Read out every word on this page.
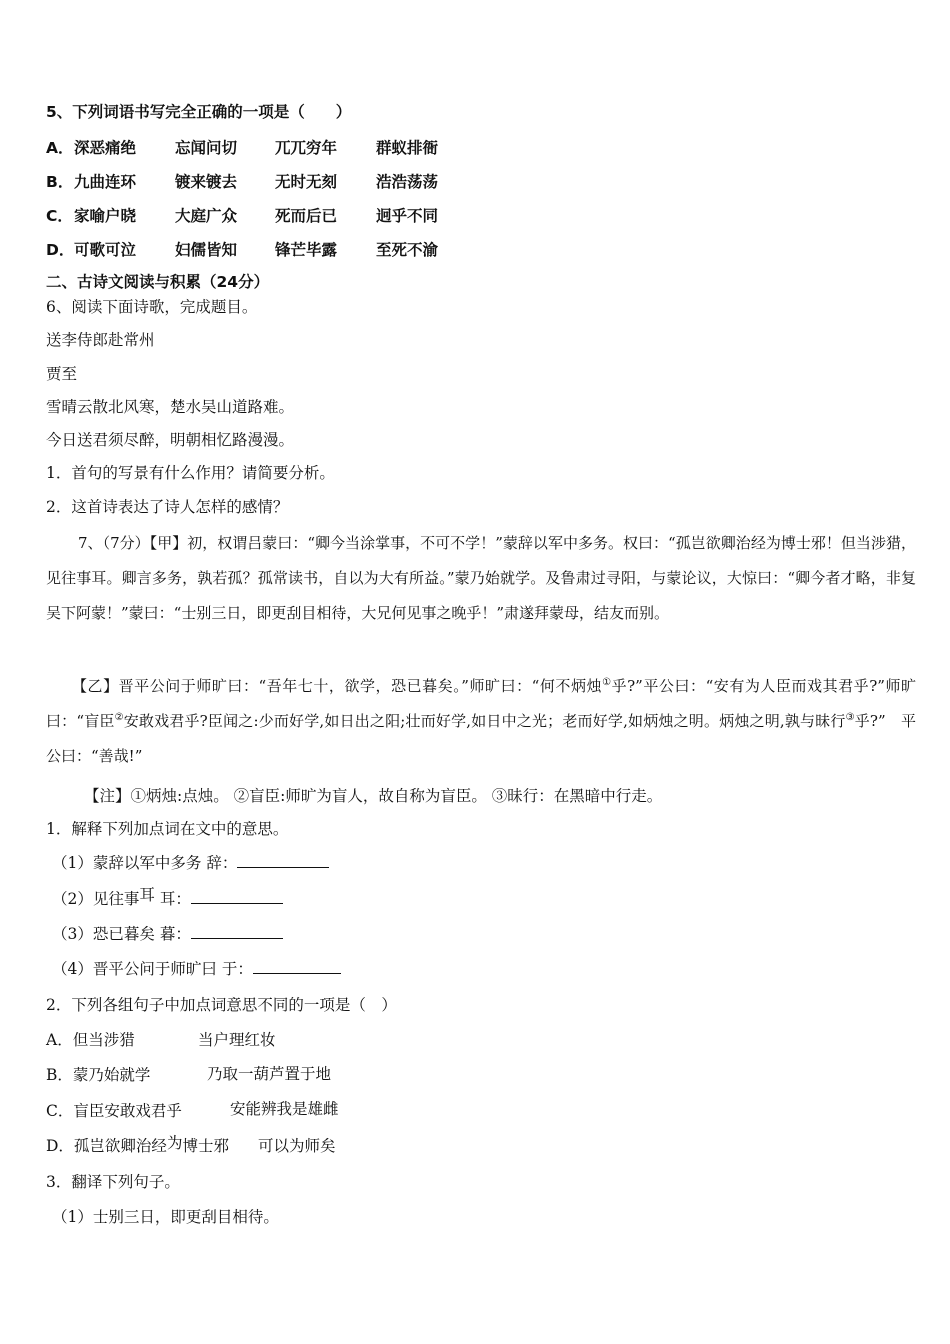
5、下列词语书写完全正确的一项是（　　）
A． 深恶痛绝	忘闻问切 兀兀穷年	群蚁排衙
B． 九曲连环	镀来镀去 无时无刻	浩浩荡荡
C． 家喻户晓	大庭广众 死而后已	迥乎不同
D． 可歌可泣	妇儒皆知 锋芒毕露	至死不渝
二、古诗文阅读与积累（24分）
6、阅读下面诗歌，完成题目。
送李侍郎赴常州
贾至
雪晴云散北风寒，楚水吴山道路难。
今日送君须尽醉，明朝相忆路漫漫。
1．首句的写景有什么作用？请简要分析。
2．这首诗表达了诗人怎样的感情？
7、（7分）【甲】初，权谓吕蒙曰：“卿今当涂掌事，不可不学！”蒙辞以军中多务。权曰：“孤岂欲卿治经为博士邪！但当涉猎，见往事耳。卿言多务，孰若孤？孤常读书，自以为大有所益。”蒙乃始就学。及鲁肃过寻阳，与蒙论议，大惊曰：“卿今者才略，非复吴下阿蒙！”蒙曰：“士别三日，即更刮目相待，大兄何见事之晚乎！”肃遂拜蒙母，结友而别。
【乙】晋平公问于师旷曰：“吾年七十，欲学，恐已暮矣。”师旷曰：“何不炳烛①乎?”平公曰：“安有为人臣而戏其君乎?”师旷曰：“盲臣②安敢戏君乎?臣闻之:少而好学,如日出之阳;壮而好学,如日中之光；老而好学,如炳烛之明。炳烛之明,孰与昧行③乎?”　平公曰：“善哉!”
【注】①炳烛:点烛。 ②盲臣:师旷为盲人，故自称为盲臣。 ③昧行：在黑暗中行走。
1．解释下列加点词在文中的意思。
（1）蒙辞以军中多务 辞：
（2）见往事耳 耳：
（3）恐已暮矣 暮：
（4）晋平公问于师旷曰 于：
2．下列各组句子中加点词意思不同的一项是（　）
A．但当涉猎	当户理红妆
B．蒙乃始就学	乃取一葫芦置于地
C．盲臣安敢戏君乎	安能辨我是雄雌
D．孤岂欲卿治经为博士邪 可以为师矣
3．翻译下列句子。
（1）士别三日，即更刮目相待。
